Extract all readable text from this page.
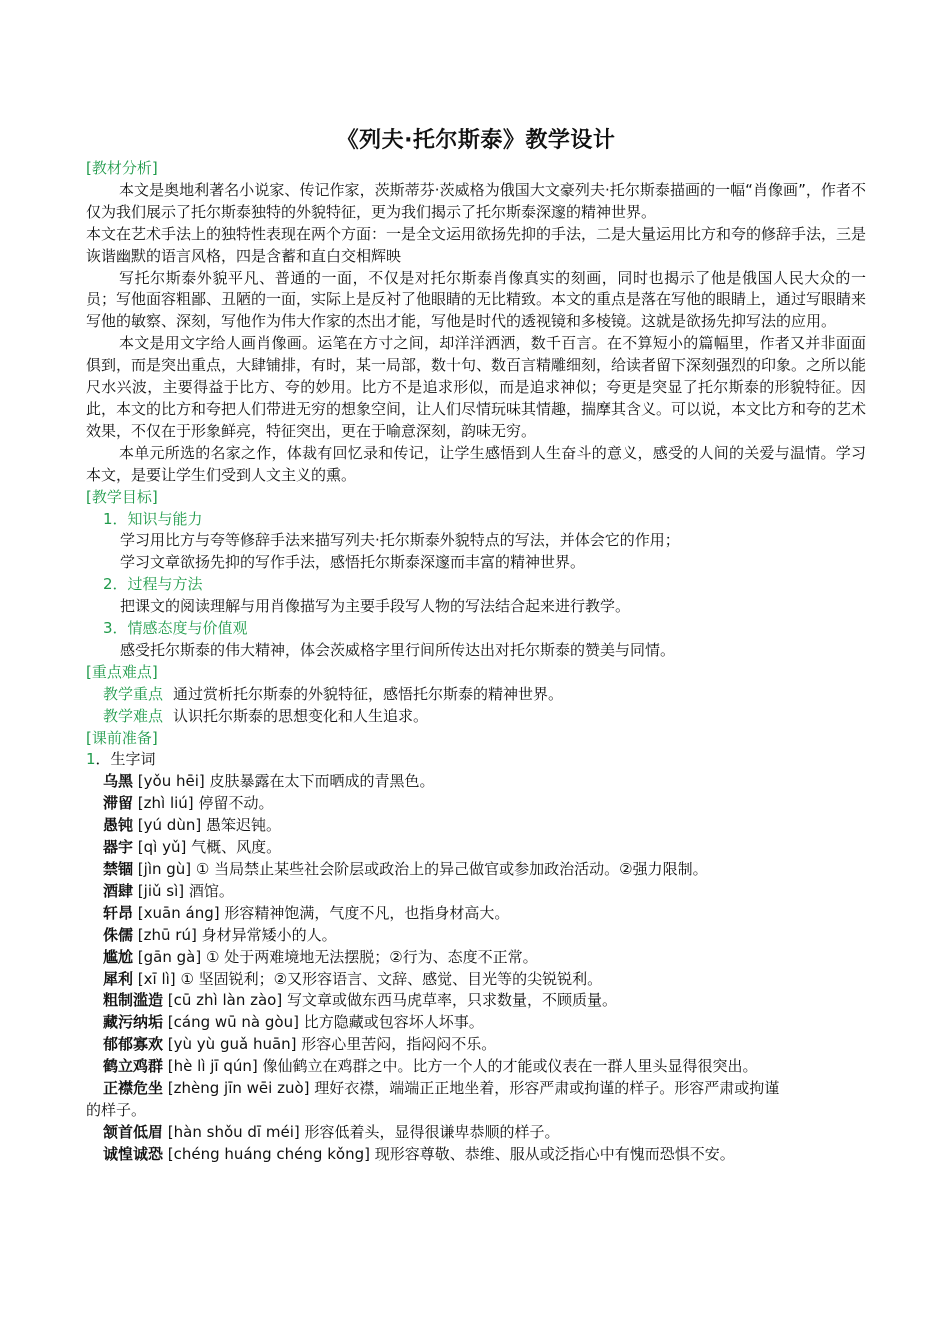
《列夫·托尔斯泰》教学设计
[教材分析]
本文是奥地利著名小说家、传记作家，茨斯蒂芬·茨威格为俄国大文豪列夫·托尔斯泰描画的一幅“肖像画”，作者不仅为我们展示了托尔斯泰独特的外貌特征，更为我们揭示了托尔斯泰深邃的精神世界。
本文在艺术手法上的独特性表现在两个方面：一是全文运用欲扬先抑的手法，二是大量运用比方和夸的修辞手法，三是诙谐幽默的语言风格，四是含蓄和直白交相辉映
写托尔斯泰外貌平凡、普通的一面，不仅是对托尔斯泰肖像真实的刻画，同时也揭示了他是俄国人民大众的一员；写他面容粗鄙、丑陋的一面，实际上是反衬了他眼睛的无比精致。本文的重点是落在写他的眼睛上，通过写眼睛来写他的敏察、深刻，写他作为伟大作家的杰出才能，写他是时代的透视镜和多棱镜。这就是欲扬先抑写法的应用。
本文是用文字给人画肖像画。运笔在方寸之间，却洋洋洒洒，数千百言。在不算短小的篇幅里，作者又并非面面俱到，而是突出重点，大肆铺排，有时，某一局部，数十句、数百言精雕细刻，给读者留下深刻强烈的印象。之所以能尺水兴波，主要得益于比方、夸的妙用。比方不是追求形似，而是追求神似；夸更是突显了托尔斯泰的形貌特征。因此，本文的比方和夸把人们带进无穷的想象空间，让人们尽情玩味其情趣，揣摩其含义。可以说，本文比方和夸的艺术效果，不仅在于形象鲜亮，特征突出，更在于喻意深刻，韵味无穷。
本单元所选的名家之作，体裁有回忆录和传记，让学生感悟到人生奋斗的意义，感受的人间的关爱与温情。学习本文，是要让学生们受到人文主义的熏。
[教学目标]
1．知识与能力
学习用比方与夸等修辞手法来描写列夫·托尔斯泰外貌特点的写法，并体会它的作用；
学习文章欲扬先抑的写作手法，感悟托尔斯泰深邃而丰富的精神世界。
2．过程与方法
把课文的阅读理解与用肖像描写为主要手段写人物的写法结合起来进行教学。
3．情感态度与价值观
感受托尔斯泰的伟大精神，体会茨威格字里行间所传达出对托尔斯泰的赞美与同情。
[重点难点]
教学重点 通过赏析托尔斯泰的外貌特征，感悟托尔斯泰的精神世界。
教学难点 认识托尔斯泰的思想变化和人生追求。
[课前准备]
1．生字词
乌黑 [yǒu hēi] 皮肤暴露在太下而晒成的青黑色。
滞留 [zhì liú] 停留不动。
愚钝 [yú dùn] 愚笨迟钝。
器宇 [qì yǔ] 气概、风度。
禁锢 [jìn gù] ① 当局禁止某些社会阶层或政治上的异己做官或参加政治活动。②强力限制。
酒肆 [jiǔ sì] 酒馆。
轩昂 [xuān áng] 形容精神饱满，气度不凡，也指身材高大。
侏儒 [zhū rú] 身材异常矮小的人。
尴尬 [gān gà] ① 处于两难境地无法摆脱；②行为、态度不正常。
犀利 [xī lì] ① 坚固锐利；②又形容语言、文辞、感觉、目光等的尖锐锐利。
粗制滥造 [cū zhì làn zào] 写文章或做东西马虎草率，只求数量，不顾质量。
藏污纳垢 [cáng wū nà gòu] 比方隐藏或包容坏人坏事。
郁郁寡欢 [yù yù guǎ huān] 形容心里苦闷，指闷闷不乐。
鹤立鸡群 [hè lì jī qún] 像仙鹤立在鸡群之中。比方一个人的才能或仪表在一群人里头显得很突出。
正襟危坐 [zhèng jīn wēi zuò] 理好衣襟，端端正正地坐着，形容严肃或拘谨的样子。形容严肃或拘谨
的样子。
颔首低眉 [hàn shǒu dī méi] 形容低着头，显得很谦卑恭顺的样子。
诚惶诚恐 [chéng huáng chéng kǒng] 现形容尊敬、恭维、服从或泛指心中有愧而恐惧不安。
